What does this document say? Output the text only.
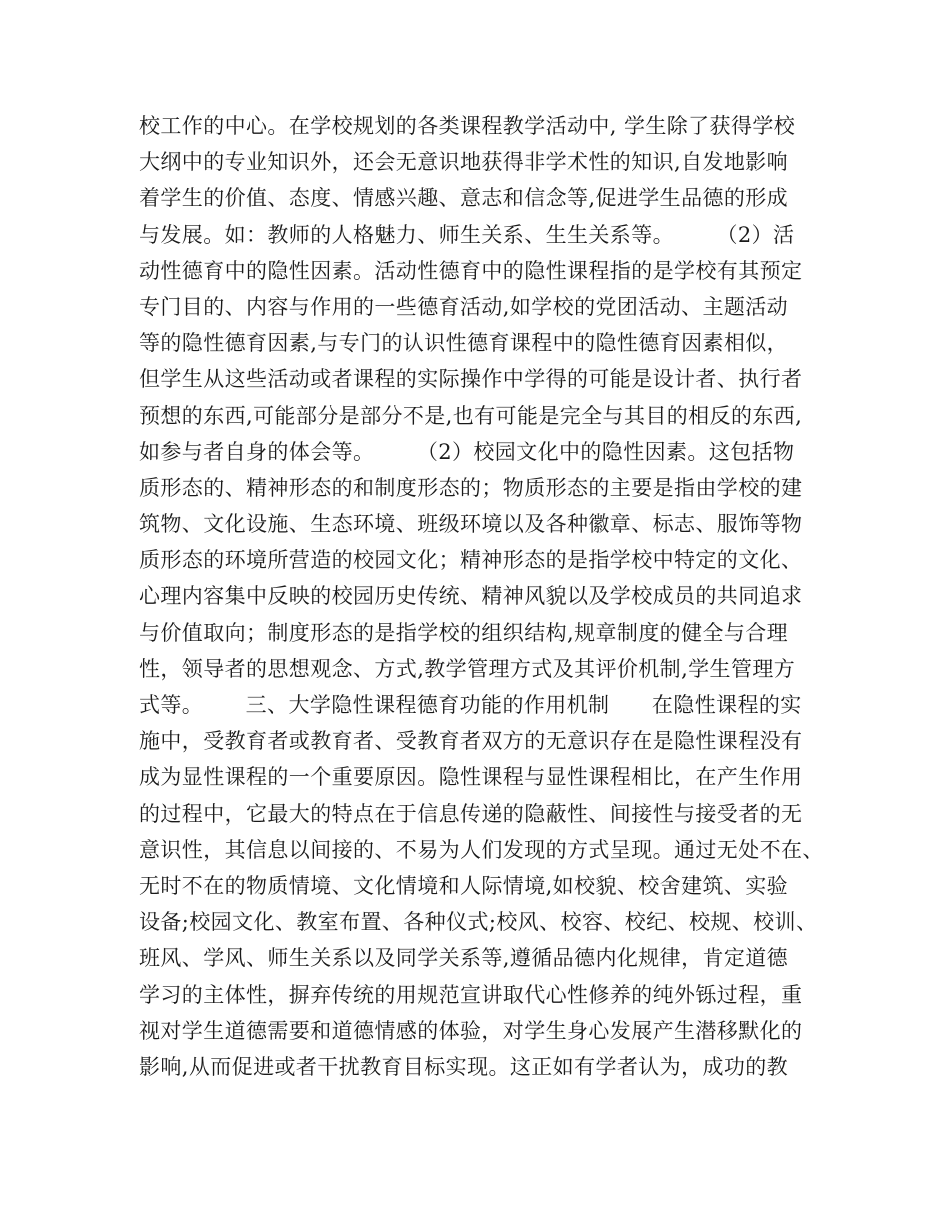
校工作的中心。在学校规划的各类课程教学活动中, 学生除了获得学校
大纲中的专业知识外，还会无意识地获得非学术性的知识,自发地影响
着学生的价值、态度、情感兴趣、意志和信念等,促进学生品德的形成
与发展。如：教师的人格魅力、师生关系、生生关系等。      （2）活
动性德育中的隐性因素。活动性德育中的隐性课程指的是学校有其预定
专门目的、内容与作用的一些德育活动,如学校的党团活动、主题活动
等的隐性德育因素,与专门的认识性德育课程中的隐性德育因素相似，
但学生从这些活动或者课程的实际操作中学得的可能是设计者、执行者
预想的东西,可能部分是部分不是,也有可能是完全与其目的相反的东西,
如参与者自身的体会等。      （2）校园文化中的隐性因素。这包括物
质形态的、精神形态的和制度形态的；物质形态的主要是指由学校的建
筑物、文化设施、生态环境、班级环境以及各种徽章、标志、服饰等物
质形态的环境所营造的校园文化；精神形态的是指学校中特定的文化、
心理内容集中反映的校园历史传统、精神风貌以及学校成员的共同追求
与价值取向；制度形态的是指学校的组织结构,规章制度的健全与合理
性，领导者的思想观念、方式,教学管理方式及其评价机制,学生管理方
式等。      三、大学隐性课程德育功能的作用机制      在隐性课程的实
施中，受教育者或教育者、受教育者双方的无意识存在是隐性课程没有
成为显性课程的一个重要原因。隐性课程与显性课程相比，在产生作用
的过程中，它最大的特点在于信息传递的隐蔽性、间接性与接受者的无
意识性，其信息以间接的、不易为人们发现的方式呈现。通过无处不在、
无时不在的物质情境、文化情境和人际情境,如校貌、校舍建筑、实验
设备;校园文化、教室布置、各种仪式;校风、校容、校纪、校规、校训、
班风、学风、师生关系以及同学关系等,遵循品德内化规律，肯定道德
学习的主体性，摒弃传统的用规范宣讲取代心性修养的纯外铄过程，重
视对学生道德需要和道德情感的体验，对学生身心发展产生潜移默化的
影响,从而促进或者干扰教育目标实现。这正如有学者认为，成功的教
